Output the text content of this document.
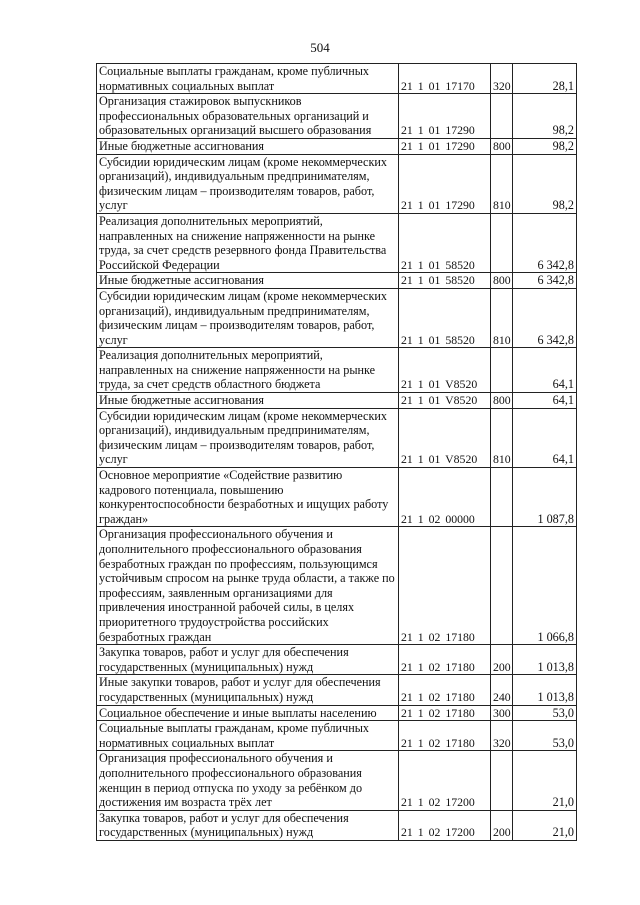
504
Социальные выплаты гражданам, кроме публичных нормативных социальных выплат	21 1 01 17170	320	28,1
Организация стажировок выпускников профессиональных образовательных организаций и образовательных организаций высшего образования	21 1 01 17290		98,2
Иные бюджетные ассигнования	21 1 01 17290	800	98,2
Субсидии юридическим лицам (кроме некоммерческих организаций), индивидуальным предпринимателям, физическим лицам – производителям товаров, работ, услуг	21 1 01 17290	810	98,2
Реализация дополнительных мероприятий, направленных на снижение напряженности на рынке труда, за счет средств резервного фонда Правительства Российской Федерации	21 1 01 58520		6 342,8
Иные бюджетные ассигнования	21 1 01 58520	800	6 342,8
Субсидии юридическим лицам (кроме некоммерческих организаций), индивидуальным предпринимателям, физическим лицам – производителям товаров, работ, услуг	21 1 01 58520	810	6 342,8
Реализация дополнительных мероприятий, направленных на снижение напряженности на рынке труда, за счет средств областного бюджета	21 1 01 V8520		64,1
Иные бюджетные ассигнования	21 1 01 V8520	800	64,1
Субсидии юридическим лицам (кроме некоммерческих организаций), индивидуальным предпринимателям, физическим лицам – производителям товаров, работ, услуг	21 1 01 V8520	810	64,1
Основное мероприятие «Содействие развитию кадрового потенциала, повышению конкурентоспособности безработных и ищущих работу граждан»	21 1 02 00000		1 087,8
Организация профессионального обучения и дополнительного профессионального образования безработных граждан по профессиям, пользующимся устойчивым спросом на рынке труда области, а также по профессиям, заявленным организациями для привлечения иностранной рабочей силы, в целях приоритетного трудоустройства российских безработных граждан	21 1 02 17180		1 066,8
Закупка товаров, работ и услуг для обеспечения государственных (муниципальных) нужд	21 1 02 17180	200	1 013,8
Иные закупки товаров, работ и услуг для обеспечения государственных (муниципальных) нужд	21 1 02 17180	240	1 013,8
Социальное обеспечение и иные выплаты населению	21 1 02 17180	300	53,0
Социальные выплаты гражданам, кроме публичных нормативных социальных выплат	21 1 02 17180	320	53,0
Организация профессионального обучения и дополнительного профессионального образования женщин в период отпуска по уходу за ребёнком до достижения им возраста трёх лет	21 1 02 17200		21,0
Закупка товаров, работ и услуг для обеспечения государственных (муниципальных) нужд	21 1 02 17200	200	21,0
